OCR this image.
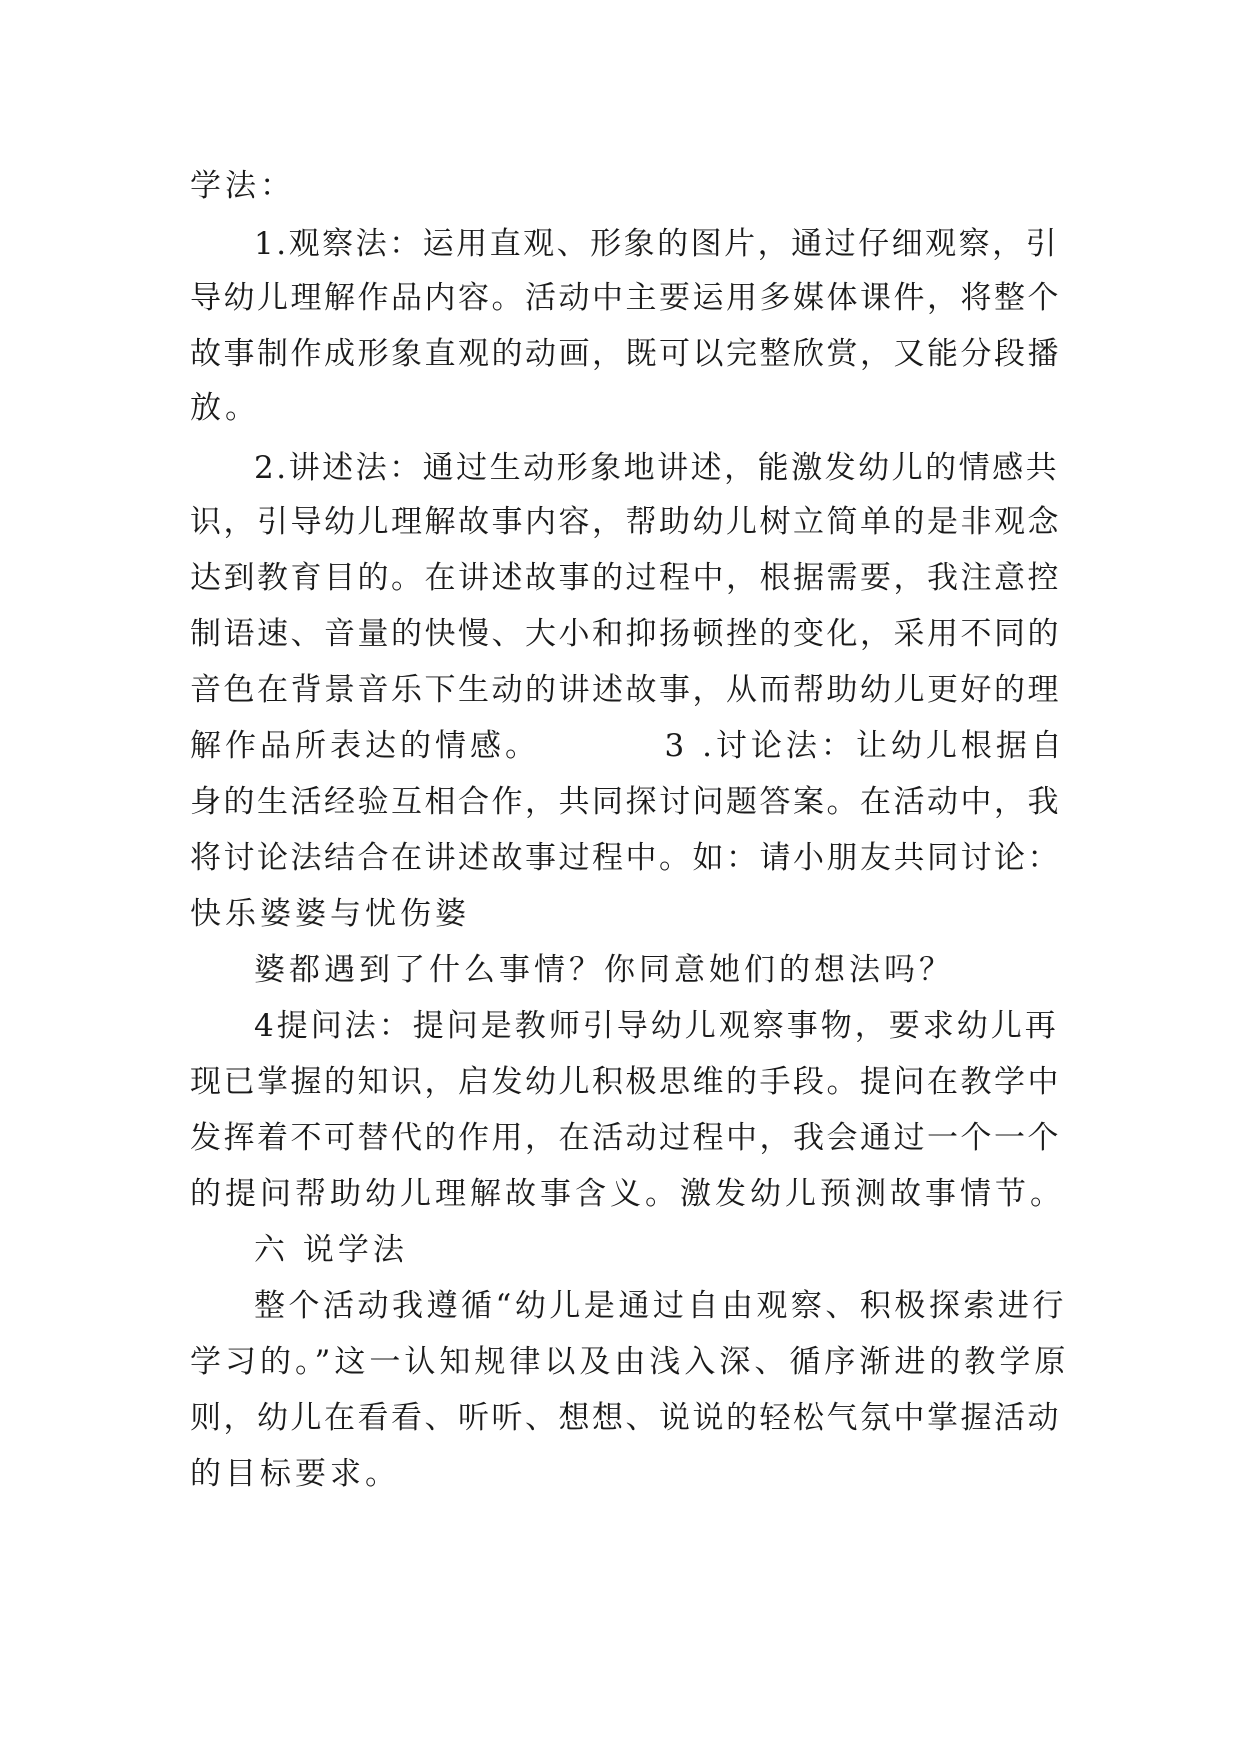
学法：
1.观察法：运用直观、形象的图片，通过仔细观察，引
导幼儿理解作品内容。活动中主要运用多媒体课件，将整个
故事制作成形象直观的动画，既可以完整欣赏，又能分段播
放。
2.讲述法：通过生动形象地讲述，能激发幼儿的情感共
识，引导幼儿理解故事内容，帮助幼儿树立简单的是非观念
达到教育目的。在讲述故事的过程中，根据需要，我注意控
制语速、音量的快慢、大小和抑扬顿挫的变化，采用不同的
音色在背景音乐下生动的讲述故事，从而帮助幼儿更好的理
解作品所表达的情感。　　　　3 .讨论法：让幼儿根据自
身的生活经验互相合作，共同探讨问题答案。在活动中，我
将讨论法结合在讲述故事过程中。如：请小朋友共同讨论：
快乐婆婆与忧伤婆
婆都遇到了什么事情？你同意她们的想法吗？
4提问法：提问是教师引导幼儿观察事物，要求幼儿再
现已掌握的知识，启发幼儿积极思维的手段。提问在教学中
发挥着不可替代的作用，在活动过程中，我会通过一个一个
的提问帮助幼儿理解故事含义。激发幼儿预测故事情节。
六 说学法
整个活动我遵循“幼儿是通过自由观察、积极探索进行
学习的。”这一认知规律以及由浅入深、循序渐进的教学原
则，幼儿在看看、听听、想想、说说的轻松气氛中掌握活动
的目标要求。
